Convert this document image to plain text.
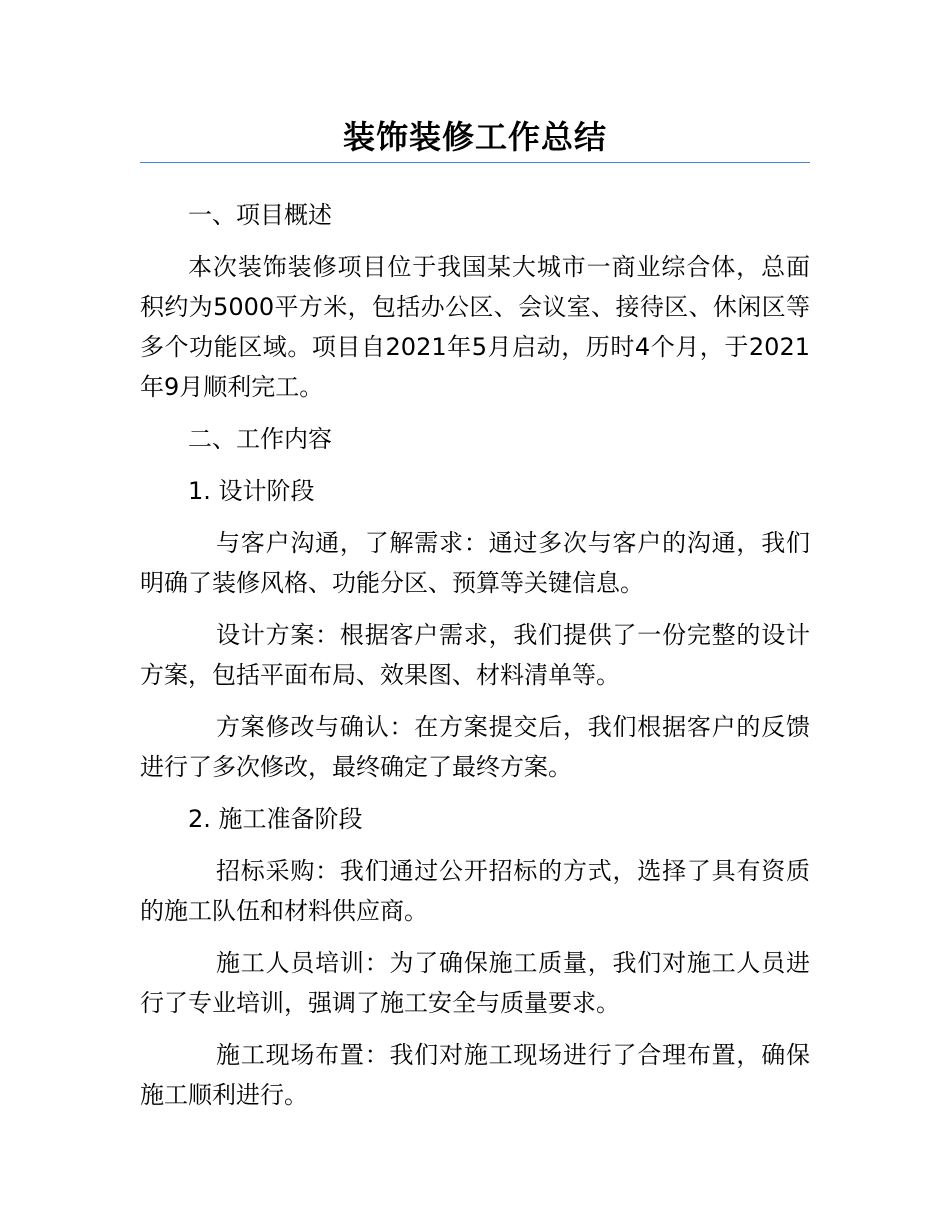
装饰装修工作总结

一、项目概述

本次装饰装修项目位于我国某大城市一商业综合体，总面积约为5000平方米，包括办公区、会议室、接待区、休闲区等多个功能区域。项目自2021年5月启动，历时4个月，于2021年9月顺利完工。

二、工作内容

1. 设计阶段

与客户沟通，了解需求：通过多次与客户的沟通，我们明确了装修风格、功能分区、预算等关键信息。

设计方案：根据客户需求，我们提供了一份完整的设计方案，包括平面布局、效果图、材料清单等。

方案修改与确认：在方案提交后，我们根据客户的反馈进行了多次修改，最终确定了最终方案。

2. 施工准备阶段

招标采购：我们通过公开招标的方式，选择了具有资质的施工队伍和材料供应商。

施工人员培训：为了确保施工质量，我们对施工人员进行了专业培训，强调了施工安全与质量要求。

施工现场布置：我们对施工现场进行了合理布置，确保施工顺利进行。
